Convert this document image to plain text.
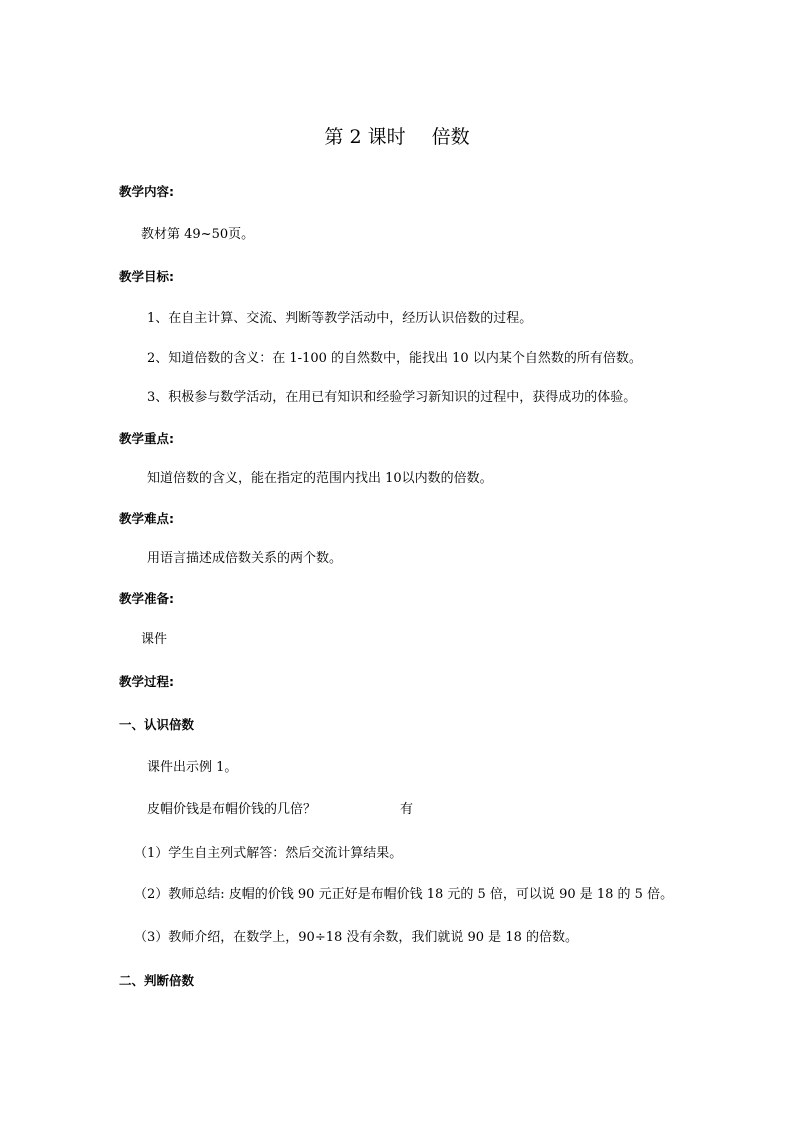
第 2 课时 倍数
教学内容:
教材第 49~50页。
教学目标:
1、在自主计算、交流、判断等教学活动中，经历认识倍数的过程。
2、知道倍数的含义：在 1-100 的自然数中，能找出 10 以内某个自然数的所有倍数。
3、积极参与数学活动，在用已有知识和经验学习新知识的过程中，获得成功的体验。
教学重点:
知道倍数的含义，能在指定的范围内找出 10以内数的倍数。
教学难点:
用语言描述成倍数关系的两个数。
教学准备:
课件
教学过程:
一、认识倍数
课件出示例 1。
皮帽价钱是布帽价钱的几倍？	有
（1）学生自主列式解答：然后交流计算结果。
（2）教师总结: 皮帽的价钱 90 元正好是布帽价钱 18 元的 5 倍，可以说 90 是 18 的 5 倍。
（3）教师介绍，在数学上，90÷18 没有余数，我们就说 90 是 18 的倍数。
二、判断倍数
